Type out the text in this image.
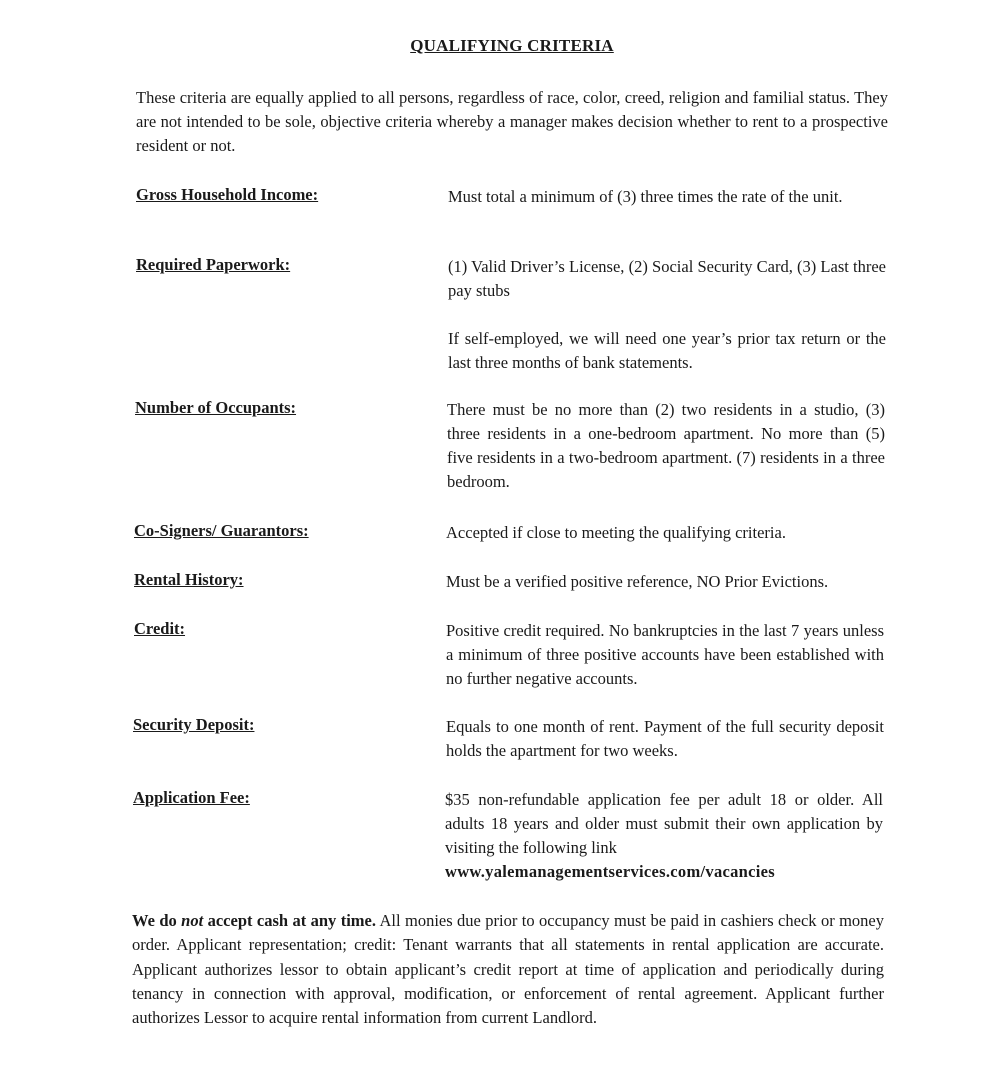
QUALIFYING CRITERIA
These criteria are equally applied to all persons, regardless of race, color, creed, religion and familial status. They are not intended to be sole, objective criteria whereby a manager makes decision whether to rent to a prospective resident or not.
Gross Household Income:	Must total a minimum of (3) three times the rate of the unit.

Required Paperwork:	(1) Valid Driver’s License, (2) Social Security Card, (3) Last three pay stubs

If self-employed, we will need one year’s prior tax return or the last three months of bank statements.

Number of Occupants:	There must be no more than (2) two residents in a studio, (3) three residents in a one-bedroom apartment. No more than (5) five residents in a two-bedroom apartment. (7) residents in a three bedroom.

Co-Signers/ Guarantors:	Accepted if close to meeting the qualifying criteria.

Rental History:	Must be a verified positive reference, NO Prior Evictions.

Credit:	Positive credit required. No bankruptcies in the last 7 years unless a minimum of three positive accounts have been established with no further negative accounts.

Security Deposit:	Equals to one month of rent. Payment of the full security deposit holds the apartment for two weeks.

Application Fee:	$35 non-refundable application fee per adult 18 or older. All adults 18 years and older must submit their own application by visiting the following link

www.yalemanagementservices.com/vacancies
We do not accept cash at any time. All monies due prior to occupancy must be paid in cashiers check or money order. Applicant representation; credit: Tenant warrants that all statements in rental application are accurate. Applicant authorizes lessor to obtain applicant’s credit report at time of application and periodically during tenancy in connection with approval, modification, or enforcement of rental agreement. Applicant further authorizes Lessor to acquire rental information from current Landlord.
